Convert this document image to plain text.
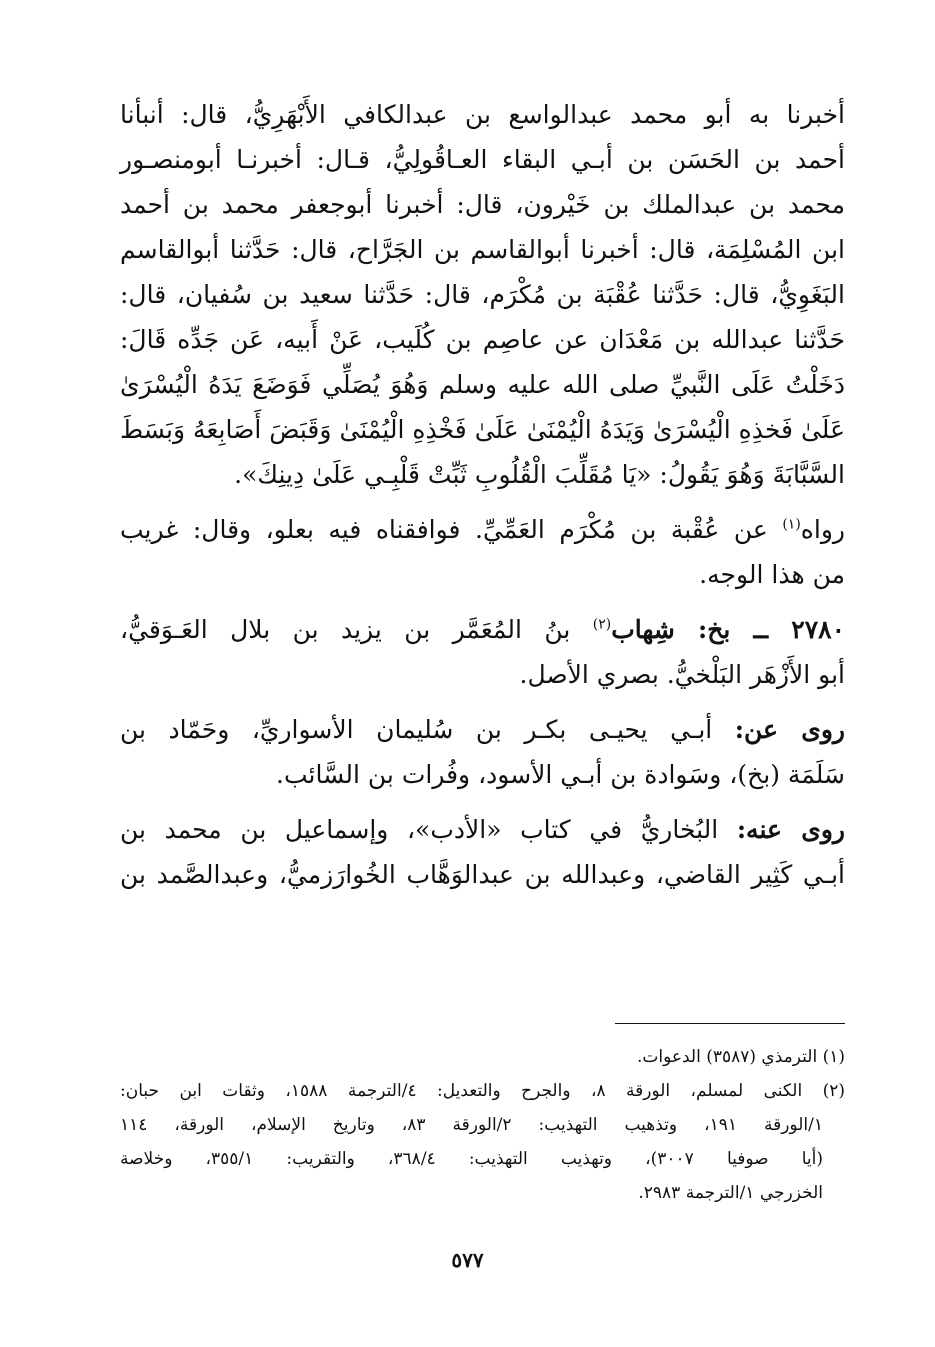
أخبرنا به أبو محمد عبدالواسع بن عبدالكافي الأَبْهَرِيُّ، قال: أنبأنا
أحمد بن الحَسَن بن أبـي البقاء العـاقُولِيُّ، قـال: أخبرنـا أبومنصـور
محمد بن عبدالملك بن خَيْرون، قال: أخبرنا أبوجعفر محمد بن أحمد
ابن المُسْلِمَة، قال: أخبرنا أبوالقاسم بن الجَرَّاح، قال: حَدَّثنا أبوالقاسم
البَغَوِيُّ، قال: حَدَّثنا عُقْبَة بن مُكْرَم، قال: حَدَّثنا سعيد بن سُفيان، قال:
حَدَّثنا عبدالله بن مَعْدَان عن عاصِم بن كُلَيب، عَنْ أَبيه، عَن جَدِّه قَالَ:
دَخَلْتُ عَلَى النَّبيِّ صلى الله عليه وسلم وَهُوَ يُصَلِّي فَوَضَعَ يَدَهُ الْيُسْرَىٰ
عَلَىٰ فَخذِهِ الْيُسْرَىٰ وَيَدَهُ الْيُمْنَىٰ عَلَىٰ فَخْذِهِ الْيُمْنَىٰ وَقَبَضَ أَصَابِعَهُ وَبَسَطَ
السَّبَّابَةَ وَهُوَ يَقُولُ: «يَا مُقَلِّبَ الْقُلُوبِ ثَبِّتْ قَلْبِـي عَلَىٰ دِينِكَ».
رواه$^{(١)}$ عن عُقْبة بن مُكْرَم العَمِّيِّ. فوافقناه فيه بعلو، وقال: غريب
من هذا الوجه.
٢٧٨٠ ــ بخ: شِهاب$^{(٢)}$ بنُ المُعَمَّر بن يزيد بن بلال العَـوَقيُّ،
أبو الأَزْهَر البَلْخيُّ. بصري الأصل.
روى عن: أبـي يحيـى بكـر بن سُليمان الأسواريِّ، وحَمّاد بن
سَلَمَة (بخ)، وسَوادة بن أبـي الأسود، وفُرات بن السَّائب.
روى عنه: البُخاريُّ في كتاب «الأدب»، وإسماعيل بن محمد بن
أبـي كَثِير القاضي، وعبدالله بن عبدالوَهَّاب الخُوارَزميُّ، وعبدالصَّمد بن
(١) الترمذي (٣٥٨٧) الدعوات.
(٢) الكنى لمسلم، الورقة ٨، والجرح والتعديل: ٤/الترجمة ١٥٨٨، وثقات ابن حبان:
١/الورقة ١٩١، وتذهيب التهذيب: ٢/الورقة ٨٣، وتاريخ الإسلام، الورقة، ١١٤
(أيا صوفيا ٣٠٠٧)، وتهذيب التهذيب: ٣٦٨/٤، والتقريب: ٣٥٥/١، وخلاصة
الخزرجي ١/الترجمة ٢٩٨٣.
٥٧٧
